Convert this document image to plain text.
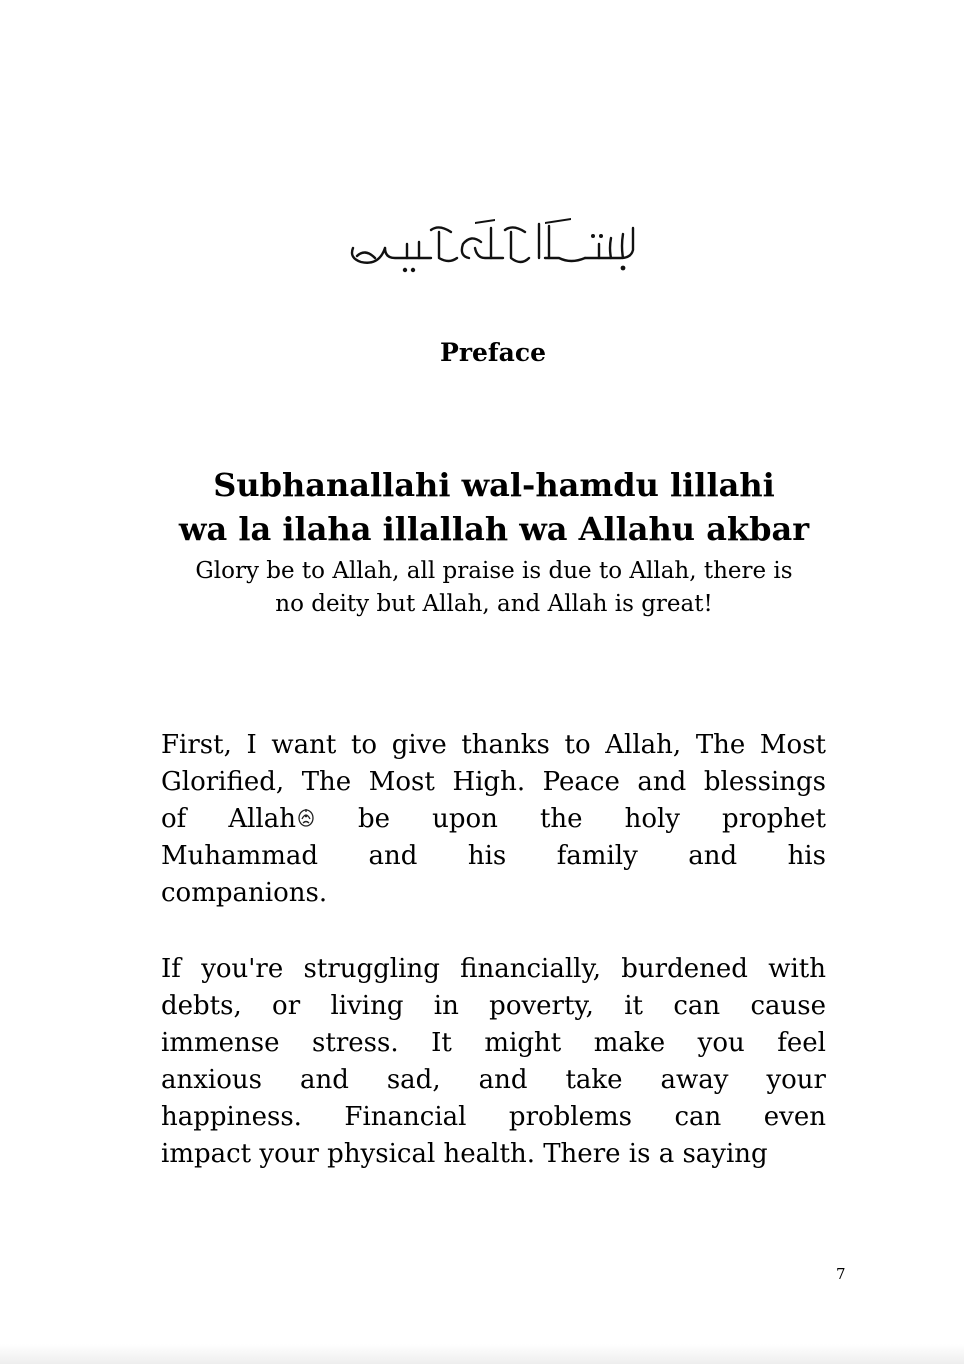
Preface
Subhanallahi wal-hamdu lillahi
wa la ilaha illallah wa Allahu akbar
Glory be to Allah, all praise is due to Allah, there is
no deity but Allah, and Allah is great!
First, I want to give thanks to Allah, The Most
Glorified, The Most High. Peace and blessings
of Allah	be upon the holy prophet
Muhammad and his family and his
companions.
If you're struggling financially, burdened with
debts, or living in poverty, it can cause
immense stress. It might make you feel
anxious and sad, and take away your
happiness. Financial problems can even
impact your physical health. There is a saying
7
